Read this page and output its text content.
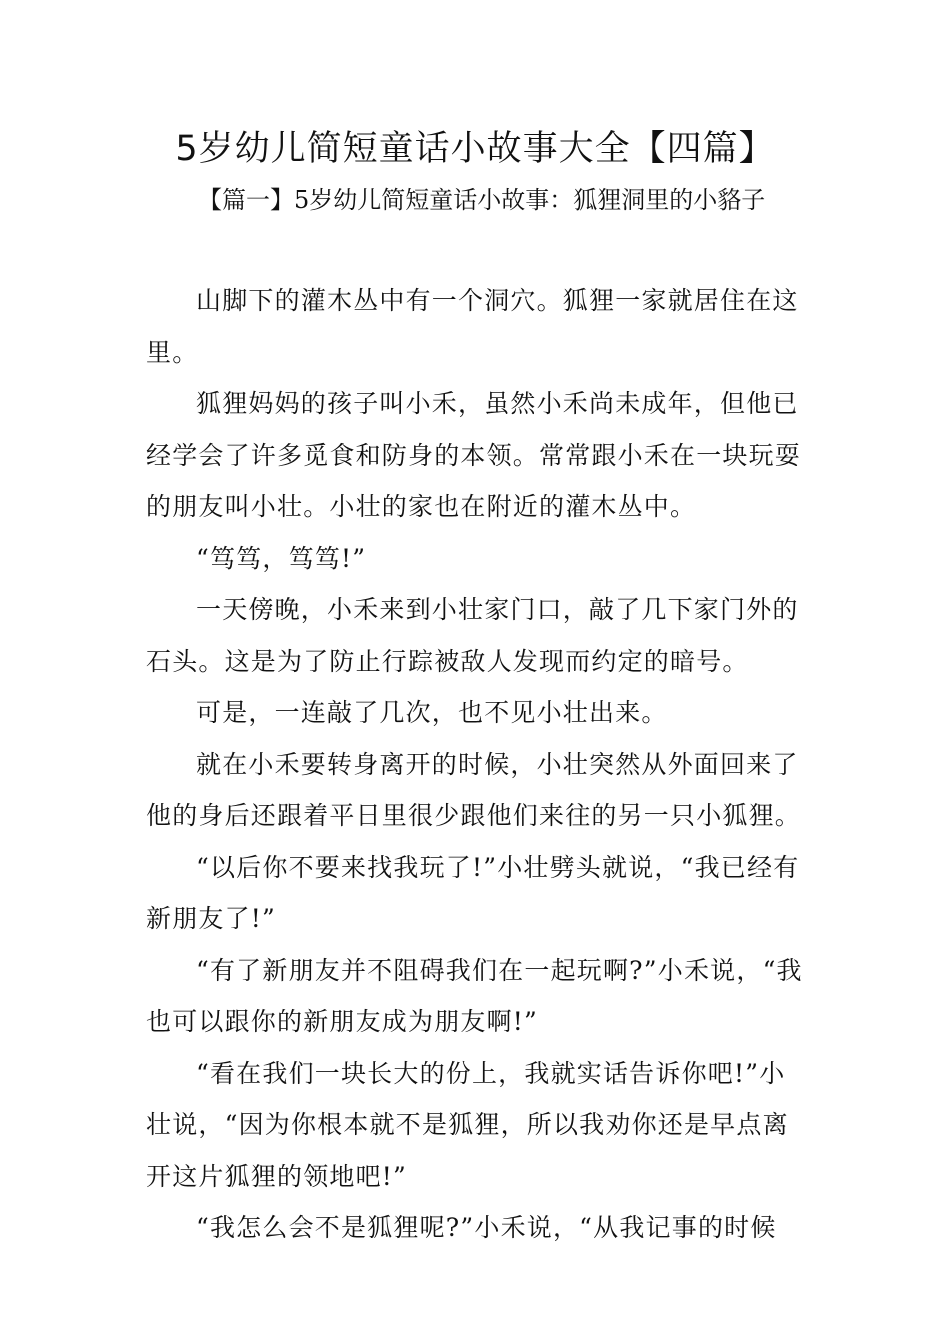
5岁幼儿简短童话小故事大全【四篇】
【篇一】5岁幼儿简短童话小故事：狐狸洞里的小貉子

山脚下的灌木丛中有一个洞穴。狐狸一家就居住在这里。

狐狸妈妈的孩子叫小禾，虽然小禾尚未成年，但他已经学会了许多觅食和防身的本领。常常跟小禾在一块玩耍的朋友叫小壮。小壮的家也在附近的灌木丛中。

“笃笃，笃笃!”

一天傍晚，小禾来到小壮家门口，敲了几下家门外的石头。这是为了防止行踪被敌人发现而约定的暗号。

可是，一连敲了几次，也不见小壮出来。

就在小禾要转身离开的时候，小壮突然从外面回来了他的身后还跟着平日里很少跟他们来往的另一只小狐狸。

“以后你不要来找我玩了!”小壮劈头就说，“我已经有新朋友了!”

“有了新朋友并不阻碍我们在一起玩啊?”小禾说，“我也可以跟你的新朋友成为朋友啊!”

“看在我们一块长大的份上，我就实话告诉你吧!”小壮说，“因为你根本就不是狐狸，所以我劝你还是早点离开这片狐狸的领地吧!”

“我怎么会不是狐狸呢?”小禾说，“从我记事的时候
